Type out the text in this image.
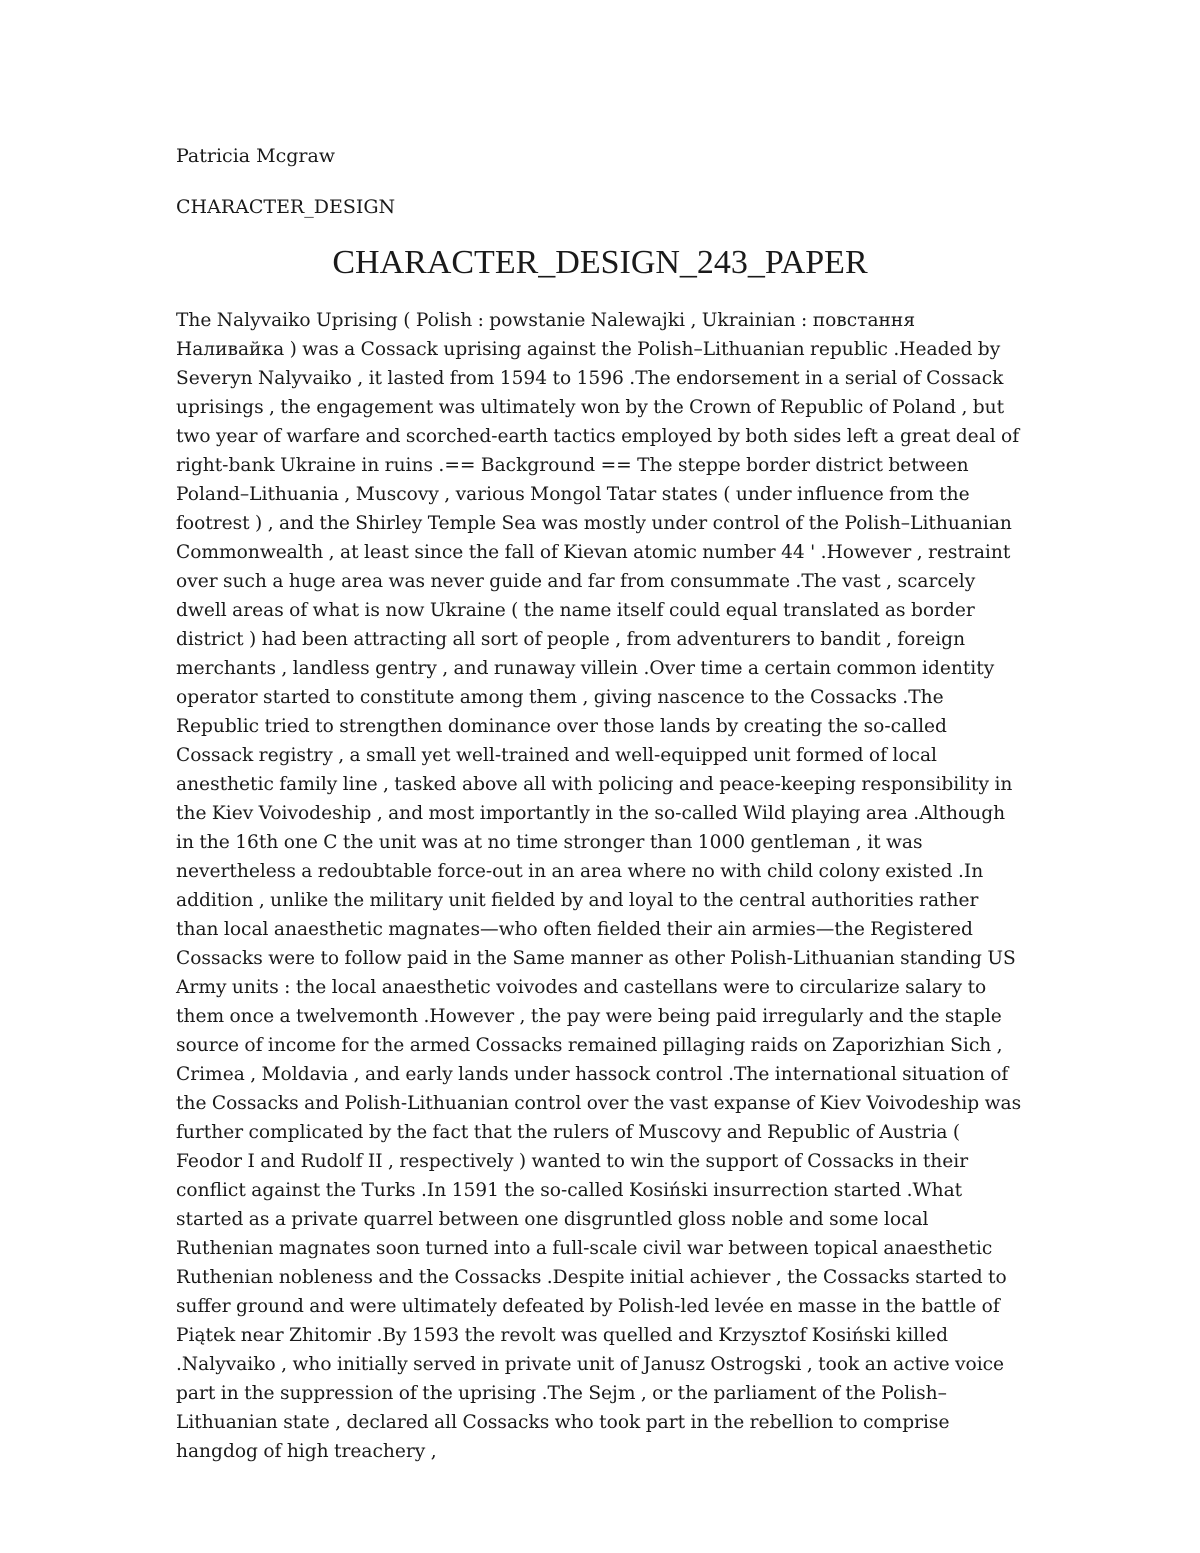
Patricia Mcgraw

CHARACTER_DESIGN

CHARACTER_DESIGN_243_PAPER

The Nalyvaiko Uprising ( Polish : powstanie Nalewajki , Ukrainian : повстання Наливайка ) was a Cossack uprising against the Polish–Lithuanian republic .Headed by Severyn Nalyvaiko , it lasted from 1594 to 1596 .The endorsement in a serial of Cossack uprisings , the engagement was ultimately won by the Crown of Republic of Poland , but two year of warfare and scorched-earth tactics employed by both sides left a great deal of right-bank Ukraine in ruins .== Background == The steppe border district between Poland–Lithuania , Muscovy , various Mongol Tatar states ( under influence from the footrest ) , and the Shirley Temple Sea was mostly under control of the Polish–Lithuanian Commonwealth , at least since the fall of Kievan atomic number 44 ' .However , restraint over such a huge area was never guide and far from consummate .The vast , scarcely dwell areas of what is now Ukraine ( the name itself could equal translated as border district ) had been attracting all sort of people , from adventurers to bandit , foreign merchants , landless gentry , and runaway villein .Over time a certain common identity operator started to constitute among them , giving nascence to the Cossacks .The Republic tried to strengthen dominance over those lands by creating the so-called Cossack registry , a small yet well-trained and well-equipped unit formed of local anesthetic family line , tasked above all with policing and peace-keeping responsibility in the Kiev Voivodeship , and most importantly in the so-called Wild playing area .Although in the 16th one C the unit was at no time stronger than 1000 gentleman , it was nevertheless a redoubtable force-out in an area where no with child colony existed .In addition , unlike the military unit fielded by and loyal to the central authorities rather than local anaesthetic magnates—who often fielded their ain armies—the Registered Cossacks were to follow paid in the Same manner as other Polish-Lithuanian standing US Army units : the local anaesthetic voivodes and castellans were to circularize salary to them once a twelvemonth .However , the pay were being paid irregularly and the staple source of income for the armed Cossacks remained pillaging raids on Zaporizhian Sich , Crimea , Moldavia , and early lands under hassock control .The international situation of the Cossacks and Polish-Lithuanian control over the vast expanse of Kiev Voivodeship was further complicated by the fact that the rulers of Muscovy and Republic of Austria ( Feodor I and Rudolf II , respectively ) wanted to win the support of Cossacks in their conflict against the Turks .In 1591 the so-called Kosiński insurrection started .What started as a private quarrel between one disgruntled gloss noble and some local Ruthenian magnates soon turned into a full-scale civil war between topical anaesthetic Ruthenian nobleness and the Cossacks .Despite initial achiever , the Cossacks started to suffer ground and were ultimately defeated by Polish-led levée en masse in the battle of Piątek near Zhitomir .By 1593 the revolt was quelled and Krzysztof Kosiński killed .Nalyvaiko , who initially served in private unit of Janusz Ostrogski , took an active voice part in the suppression of the uprising .The Sejm , or the parliament of the Polish–Lithuanian state , declared all Cossacks who took part in the rebellion to comprise hangdog of high treachery ,
